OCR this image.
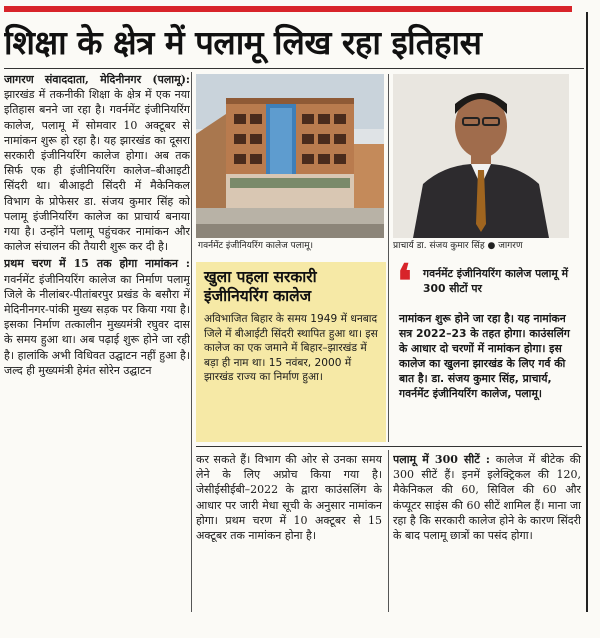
शिक्षा के क्षेत्र में पलामू लिख रहा इतिहास

जागरण संवाददाता, मेदिनीनगर (पलामू): झारखंड में तकनीकी शिक्षा के क्षेत्र में एक नया इतिहास बनने जा रहा है। गवर्नमेंट इंजीनियरिंग कालेज, पलामू में सोमवार 10 अक्टूबर से नामांकन शुरू हो रहा है। यह झारखंड का दूसरा सरकारी इंजीनियरिंग कालेज होगा। अब तक सिर्फ एक ही इंजीनियरिंग कालेज–बीआइटी सिंदरी था। बीआइटी सिंदरी में मैकेनिकल विभाग के प्रोफेसर डा. संजय कुमार सिंह को पलामू इंजीनियरिंग कालेज का प्राचार्य बनाया गया है। उन्होंने पलामू पहुंचकर नामांकन और कालेज संचालन की तैयारी शुरू कर दी है।

प्रथम चरण में 15 तक होगा नामांकन : गवर्नमेंट इंजीनियरिंग कालेज का निर्माण पलामू जिले के नीलांबर-पीतांबरपुर प्रखंड के बसौरा में मेदिनीनगर-पांकी मुख्य सड़क पर किया गया है। इसका निर्माण तत्कालीन मुख्यमंत्री रघुवर दास के समय हुआ था। अब पढ़ाई शुरू होने जा रही है। हालांकि अभी विधिवत उद्घाटन नहीं हुआ है। जल्द ही मुख्यमंत्री हेमंत सोरेन उद्घाटन

गवर्नमेंट इंजीनियरिंग कालेज पलामू।	प्राचार्य डा. संजय कुमार सिंह ● जागरण
खुला पहला सरकारी इंजीनियरिंग कालेज
अविभाजित बिहार के समय 1949 में धनबाद जिले में बीआईटी सिंदरी स्थापित हुआ था। इस कालेज का एक जमाने में बिहार–झारखंड में बड़ा ही नाम था। 15 नवंबर, 2000 में झारखंड राज्य का निर्माण हुआ।
❛ गवर्नमेंट इंजीनियरिंग कालेज पलामू में 300 सीटों पर
नामांकन शुरू होने जा रहा है। यह नामांकन सत्र 2022–23 के तहत होगा। काउंसलिंग के आधार दो चरणों में नामांकन होगा। इस कालेज का खुलना झारखंड के लिए गर्व की बात है। डा. संजय कुमार सिंह, प्राचार्य, गवर्नमेंट इंजीनियरिंग कालेज, पलामू।

कर सकते हैं। विभाग की ओर से उनका समय लेने के लिए अप्रोच किया गया है। जेसीईसीईबी–2022 के द्वारा काउंसलिंग के आधार पर जारी मेधा सूची के अनुसार नामांकन होगा। प्रथम चरण में 10 अक्टूबर से 15 अक्टूबर तक नामांकन होना है।

पलामू में 300 सीटें : कालेज में बीटेक की 300 सीटें हैं। इनमें इलेक्ट्रिकल की 120, मैकेनिकल की 60, सिविल की 60 और कंप्यूटर साइंस की 60 सीटें शामिल हैं। माना जा रहा है कि सरकारी कालेज होने के कारण सिंदरी के बाद पलामू छात्रों का पसंद होगा।
